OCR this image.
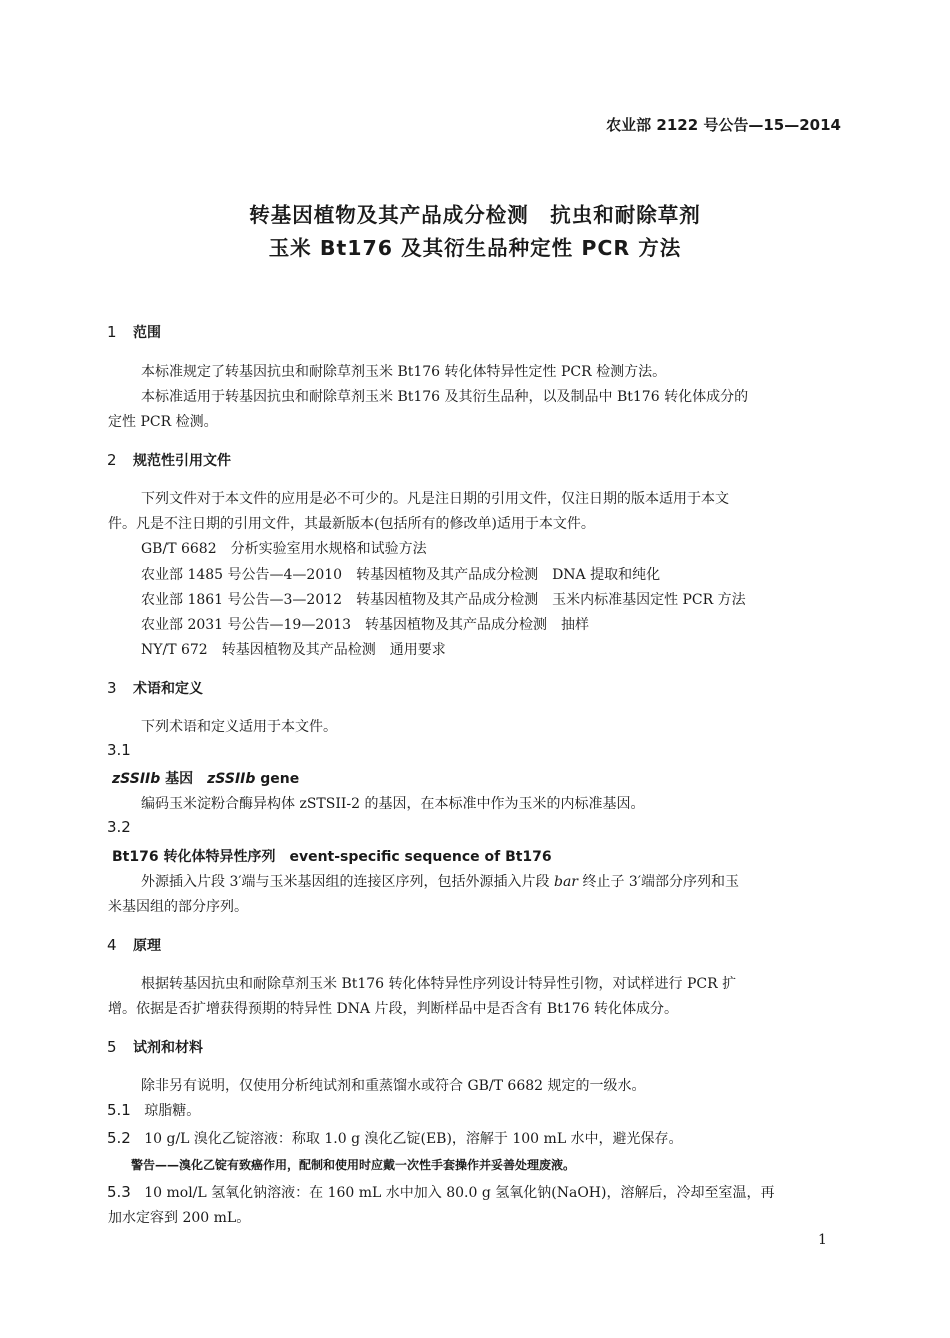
农业部 2122 号公告—15—2014
转基因植物及其产品成分检测　抗虫和耐除草剂
玉米 Bt176 及其衍生品种定性 PCR 方法
1 范围
本标准规定了转基因抗虫和耐除草剂玉米 Bt176 转化体特异性定性 PCR 检测方法。
本标准适用于转基因抗虫和耐除草剂玉米 Bt176 及其衍生品种，以及制品中 Bt176 转化体成分的
定性 PCR 检测。
2 规范性引用文件
下列文件对于本文件的应用是必不可少的。凡是注日期的引用文件，仅注日期的版本适用于本文
件。凡是不注日期的引用文件，其最新版本(包括所有的修改单)适用于本文件。
GB/T 6682　分析实验室用水规格和试验方法
农业部 1485 号公告—4—2010　转基因植物及其产品成分检测　DNA 提取和纯化
农业部 1861 号公告—3—2012　转基因植物及其产品成分检测　玉米内标准基因定性 PCR 方法
农业部 2031 号公告—19—2013　转基因植物及其产品成分检测　抽样
NY/T 672　转基因植物及其产品检测　通用要求
3 术语和定义
下列术语和定义适用于本文件。
3.1
zSSIIb 基因　zSSIIb gene
编码玉米淀粉合酶异构体 zSTSII-2 的基因，在本标准中作为玉米的内标准基因。
3.2
Bt176 转化体特异性序列　event-specific sequence of Bt176
外源插入片段 3′端与玉米基因组的连接区序列，包括外源插入片段 bar 终止子 3′端部分序列和玉
米基因组的部分序列。
4 原理
根据转基因抗虫和耐除草剂玉米 Bt176 转化体特异性序列设计特异性引物，对试样进行 PCR 扩
增。依据是否扩增获得预期的特异性 DNA 片段，判断样品中是否含有 Bt176 转化体成分。
5 试剂和材料
除非另有说明，仅使用分析纯试剂和重蒸馏水或符合 GB/T 6682 规定的一级水。
5.1 琼脂糖。
5.2 10 g/L 溴化乙锭溶液：称取 1.0 g 溴化乙锭(EB)，溶解于 100 mL 水中，避光保存。
警告——溴化乙锭有致癌作用，配制和使用时应戴一次性手套操作并妥善处理废液。
5.3 10 mol/L 氢氧化钠溶液：在 160 mL 水中加入 80.0 g 氢氧化钠(NaOH)，溶解后，冷却至室温，再
加水定容到 200 mL。
1
